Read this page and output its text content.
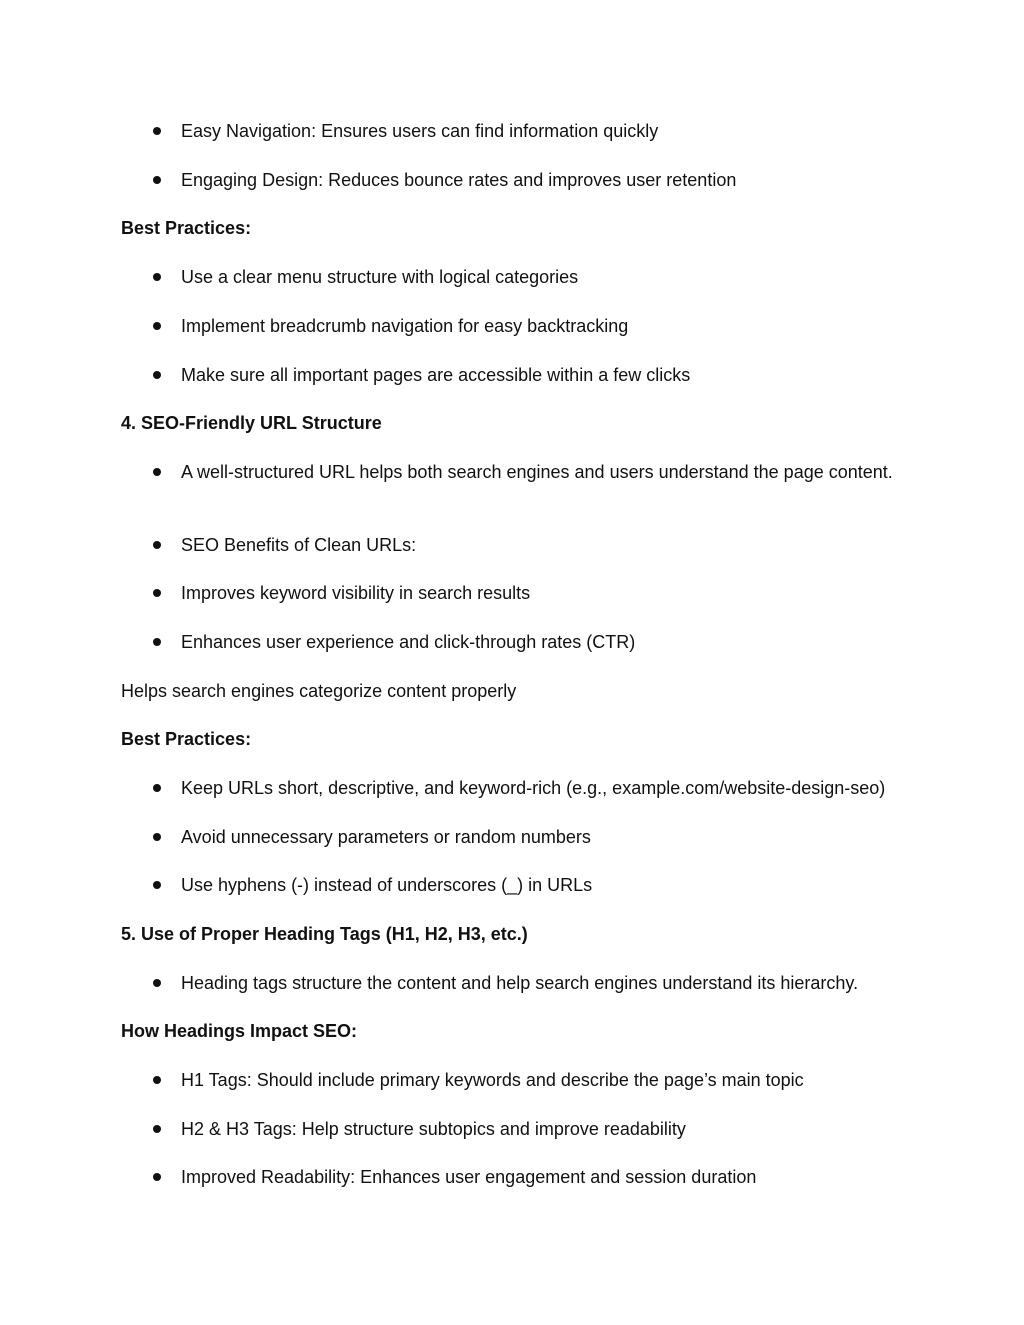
Easy Navigation: Ensures users can find information quickly
Engaging Design: Reduces bounce rates and improves user retention
Best Practices:
Use a clear menu structure with logical categories
Implement breadcrumb navigation for easy backtracking
Make sure all important pages are accessible within a few clicks
4. SEO-Friendly URL Structure
A well-structured URL helps both search engines and users understand the page content.
SEO Benefits of Clean URLs:
Improves keyword visibility in search results
Enhances user experience and click-through rates (CTR)
Helps search engines categorize content properly
Best Practices:
Keep URLs short, descriptive, and keyword-rich (e.g., example.com/website-design-seo)
Avoid unnecessary parameters or random numbers
Use hyphens (-) instead of underscores (_) in URLs
5. Use of Proper Heading Tags (H1, H2, H3, etc.)
Heading tags structure the content and help search engines understand its hierarchy.
How Headings Impact SEO:
H1 Tags: Should include primary keywords and describe the page’s main topic
H2 & H3 Tags: Help structure subtopics and improve readability
Improved Readability: Enhances user engagement and session duration
